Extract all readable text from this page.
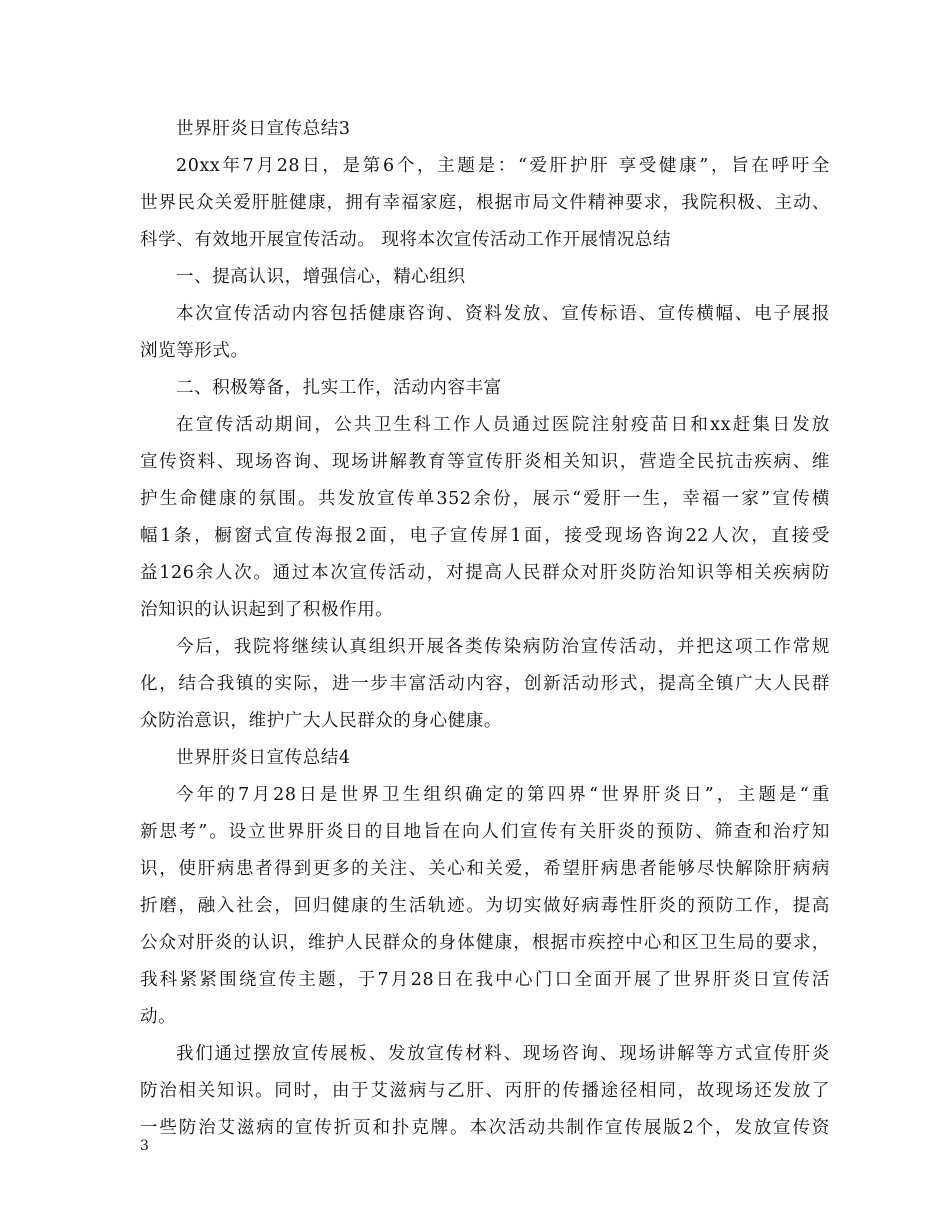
世界肝炎日宣传总结3
20xx年7月28日，是第6个，主题是：“爱肝护肝 享受健康”，旨在呼吁全
世界民众关爱肝脏健康，拥有幸福家庭，根据市局文件精神要求，我院积极、主动、
科学、有效地开展宣传活动。 现将本次宣传活动工作开展情况总结
一、提高认识，增强信心，精心组织
本次宣传活动内容包括健康咨询、资料发放、宣传标语、宣传横幅、电子展报
浏览等形式。
二、积极筹备，扎实工作，活动内容丰富
在宣传活动期间，公共卫生科工作人员通过医院注射疫苗日和xx赶集日发放
宣传资料、现场咨询、现场讲解教育等宣传肝炎相关知识，营造全民抗击疾病、维
护生命健康的氛围。共发放宣传单352余份，展示“爱肝一生，幸福一家”宣传横
幅1条，橱窗式宣传海报2面，电子宣传屏1面，接受现场咨询22人次，直接受
益126余人次。通过本次宣传活动，对提高人民群众对肝炎防治知识等相关疾病防
治知识的认识起到了积极作用。
今后，我院将继续认真组织开展各类传染病防治宣传活动，并把这项工作常规
化，结合我镇的实际，进一步丰富活动内容，创新活动形式，提高全镇广大人民群
众防治意识，维护广大人民群众的身心健康。
世界肝炎日宣传总结4
今年的7月28日是世界卫生组织确定的第四界“世界肝炎日”，主题是“重
新思考”。设立世界肝炎日的目地旨在向人们宣传有关肝炎的预防、筛查和治疗知
识，使肝病患者得到更多的关注、关心和关爱，希望肝病患者能够尽快解除肝病病
折磨，融入社会，回归健康的生活轨迹。为切实做好病毒性肝炎的预防工作，提高
公众对肝炎的认识，维护人民群众的身体健康，根据市疾控中心和区卫生局的要求，
我科紧紧围绕宣传主题，于7月28日在我中心门口全面开展了世界肝炎日宣传活
动。
我们通过摆放宣传展板、发放宣传材料、现场咨询、现场讲解等方式宣传肝炎
防治相关知识。同时，由于艾滋病与乙肝、丙肝的传播途径相同，故现场还发放了
一些防治艾滋病的宣传折页和扑克牌。本次活动共制作宣传展版2个，发放宣传资
3
